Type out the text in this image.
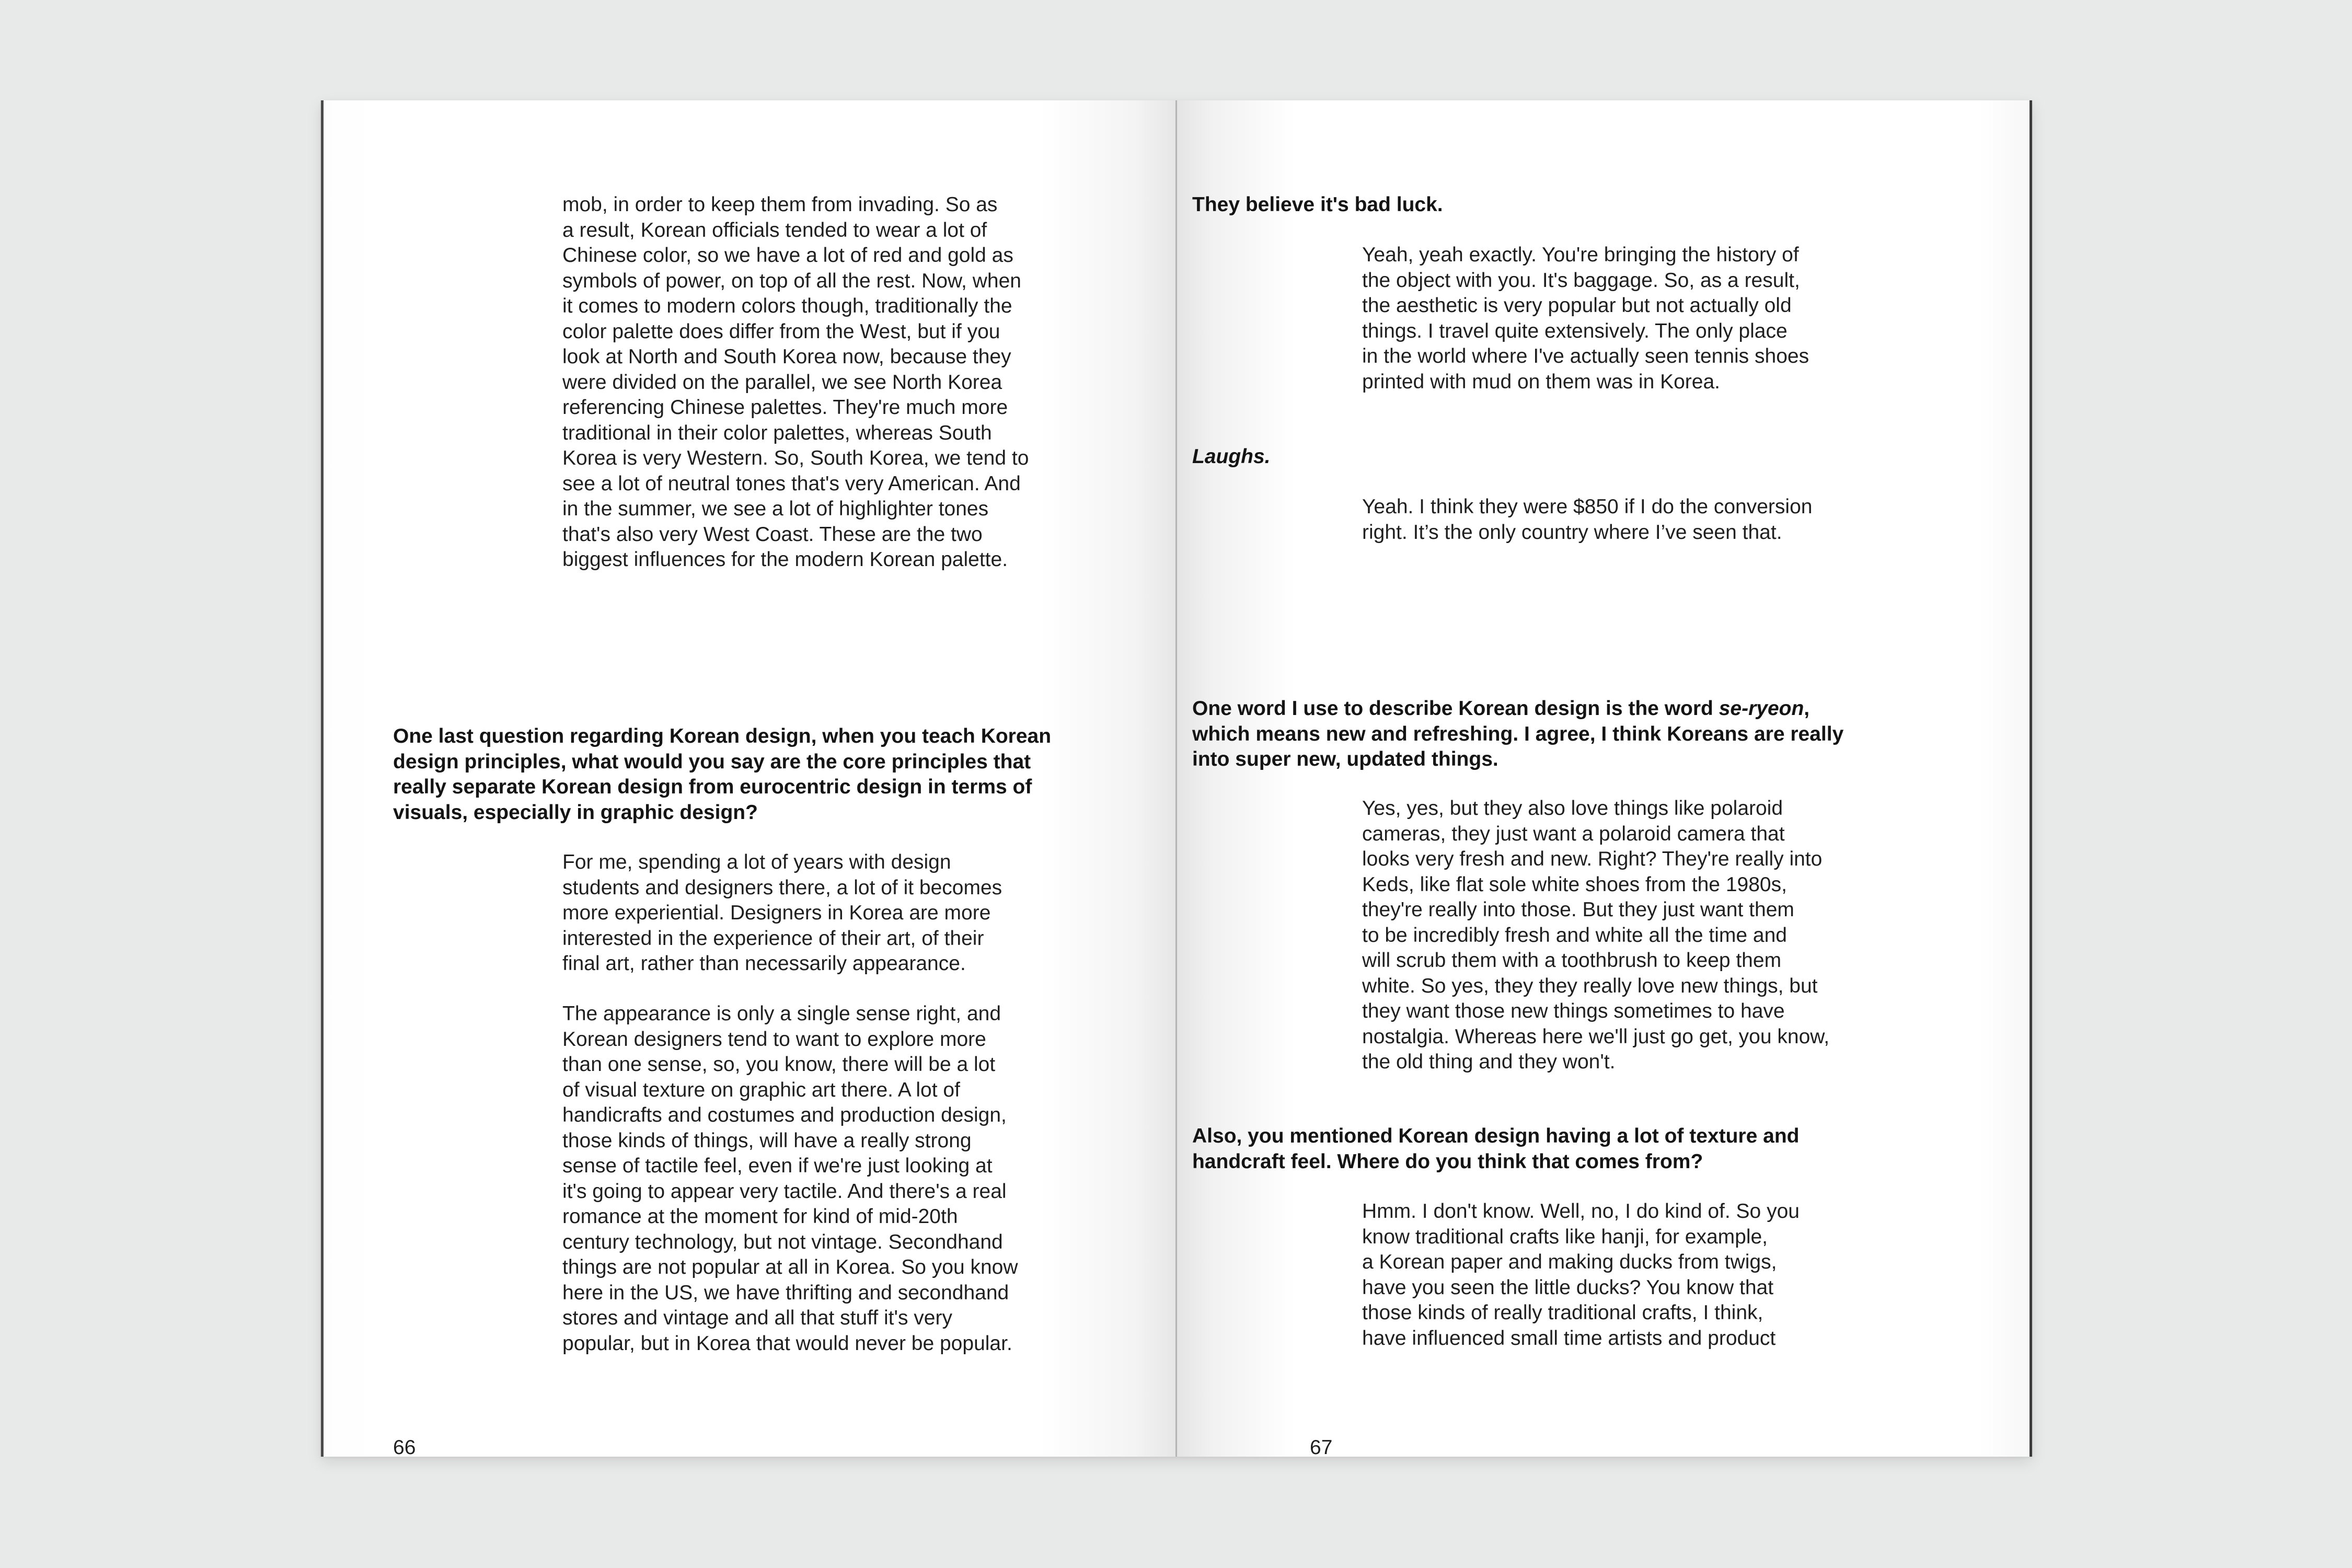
mob, in order to keep them from invading. So as
a result, Korean officials tended to wear a lot of
Chinese color, so we have a lot of red and gold as
symbols of power, on top of all the rest. Now, when
it comes to modern colors though, traditionally the
color palette does differ from the West, but if you
look at North and South Korea now, because they
were divided on the parallel, we see North Korea
referencing Chinese palettes. They're much more
traditional in their color palettes, whereas South
Korea is very Western. So, South Korea, we tend to
see a lot of neutral tones that's very American. And
in the summer, we see a lot of highlighter tones
that's also very West Coast. These are the two
biggest influences for the modern Korean palette.

One last question regarding Korean design, when you teach Korean
design principles, what would you say are the core principles that
really separate Korean design from eurocentric design in terms of
visuals, especially in graphic design?

For me, spending a lot of years with design
students and designers there, a lot of it becomes
more experiential. Designers in Korea are more
interested in the experience of their art, of their
final art, rather than necessarily appearance.

The appearance is only a single sense right, and
Korean designers tend to want to explore more
than one sense, so, you know, there will be a lot
of visual texture on graphic art there. A lot of
handicrafts and costumes and production design,
those kinds of things, will have a really strong
sense of tactile feel, even if we're just looking at
it's going to appear very tactile. And there's a real
romance at the moment for kind of mid-20th
century technology, but not vintage. Secondhand
things are not popular at all in Korea. So you know
here in the US, we have thrifting and secondhand
stores and vintage and all that stuff it's very
popular, but in Korea that would never be popular.

66

They believe it's bad luck.

Yeah, yeah exactly. You're bringing the history of
the object with you. It's baggage. So, as a result,
the aesthetic is very popular but not actually old
things. I travel quite extensively. The only place
in the world where I've actually seen tennis shoes
printed with mud on them was in Korea.

Laughs.

Yeah. I think they were $850 if I do the conversion
right. It’s the only country where I’ve seen that.

One word I use to describe Korean design is the word se-ryeon,
which means new and refreshing. I agree, I think Koreans are really
into super new, updated things.

Yes, yes, but they also love things like polaroid
cameras, they just want a polaroid camera that
looks very fresh and new. Right? They're really into
Keds, like flat sole white shoes from the 1980s,
they're really into those. But they just want them
to be incredibly fresh and white all the time and
will scrub them with a toothbrush to keep them
white. So yes, they they really love new things, but
they want those new things sometimes to have
nostalgia. Whereas here we'll just go get, you know,
the old thing and they won't.

Also, you mentioned Korean design having a lot of texture and
handcraft feel. Where do you think that comes from?

Hmm. I don't know. Well, no, I do kind of. So you
know traditional crafts like hanji, for example,
a Korean paper and making ducks from twigs,
have you seen the little ducks? You know that
those kinds of really traditional crafts, I think,
have influenced small time artists and product

67
